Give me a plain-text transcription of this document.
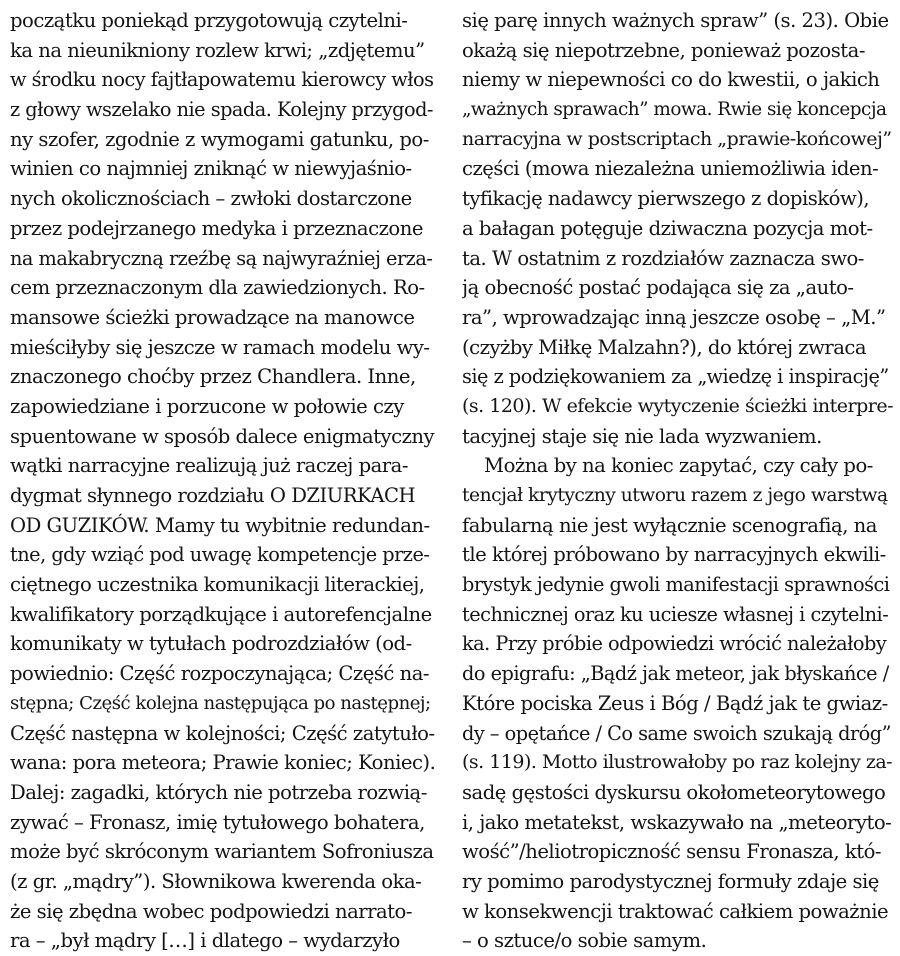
początku poniekąd przygotowują czytelni-
ka na nieunikniony rozlew krwi; „zdjętemu”
w środku nocy fajtłapowatemu kierowcy włos
z głowy wszelako nie spada. Kolejny przygod-
ny szofer, zgodnie z wymogami gatunku, po-
winien co najmniej zniknąć w niewyjaśnio-
nych okolicznościach – zwłoki dostarczone
przez podejrzanego medyka i przeznaczone
na makabryczną rzeźbę są najwyraźniej erza-
cem przeznaczonym dla zawiedzionych. Ro-
mansowe ścieżki prowadzące na manowce
mieściłyby się jeszcze w ramach modelu wy-
znaczonego choćby przez Chandlera. Inne,
zapowiedziane i porzucone w połowie czy
spuentowane w sposób dalece enigmatyczny
wątki narracyjne realizują już raczej para-
dygmat słynnego rozdziału O DZIURKACH
OD GUZIKÓW. Mamy tu wybitnie redundan-
tne, gdy wziąć pod uwagę kompetencje prze-
ciętnego uczestnika komunikacji literackiej,
kwalifikatory porządkujące i autorefencjalne
komunikaty w tytułach podrozdziałów (od-
powiednio: Część rozpoczynająca; Część na-
stępna; Część kolejna następująca po następnej;
Część następna w kolejności; Część zatytuło-
wana: pora meteora; Prawie koniec; Koniec).
Dalej: zagadki, których nie potrzeba rozwią-
zywać – Fronasz, imię tytułowego bohatera,
może być skróconym wariantem Sofroniusza
(z gr. „mądry”). Słownikowa kwerenda oka-
że się zbędna wobec podpowiedzi narrato-
ra – „był mądry […] i dlatego – wydarzyło
się parę innych ważnych spraw” (s. 23). Obie
okażą się niepotrzebne, ponieważ pozosta-
niemy w niepewności co do kwestii, o jakich
„ważnych sprawach” mowa. Rwie się koncepcja
narracyjna w postscriptach „prawie-końcowej”
części (mowa niezależna uniemożliwia iden-
tyfikację nadawcy pierwszego z dopisków),
a bałagan potęguje dziwaczna pozycja mot-
ta. W ostatnim z rozdziałów zaznacza swo-
ją obecność postać podająca się za „auto-
ra”, wprowadzając inną jeszcze osobę – „M.”
(czyżby Miłkę Malzahn?), do której zwraca
się z podziękowaniem za „wiedzę i inspirację”
(s. 120). W efekcie wytyczenie ścieżki interpre-
tacyjnej staje się nie lada wyzwaniem.
Można by na koniec zapytać, czy cały po-
tencjał krytyczny utworu razem z jego warstwą
fabularną nie jest wyłącznie scenografią, na
tle której próbowano by narracyjnych ekwili-
brystyk jedynie gwoli manifestacji sprawności
technicznej oraz ku uciesze własnej i czytelni-
ka. Przy próbie odpowiedzi wrócić należałoby
do epigrafu: „Bądź jak meteor, jak błyskańce /
Które pociska Zeus i Bóg / Bądź jak te gwiaz-
dy – opętańce / Co same swoich szukają dróg”
(s. 119). Motto ilustrowałoby po raz kolejny za-
sadę gęstości dyskursu okołometeorytowego
i, jako metatekst, wskazywało na „meteoryto-
wość”/heliotropiczność sensu Fronasza, któ-
ry pomimo parodystycznej formuły zdaje się
w konsekwencji traktować całkiem poważnie
– o sztuce/o sobie samym.
